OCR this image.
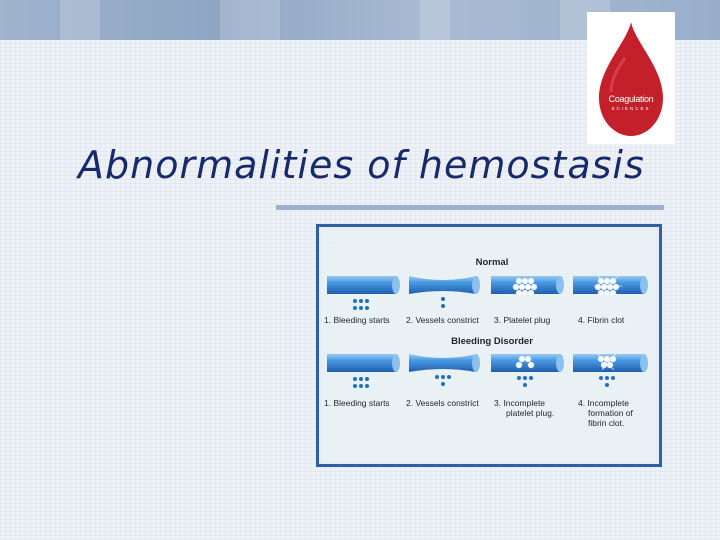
Coagulation
SCIENCES
Abnormalities of hemostasis
—
Normal
Bleeding Disorder
1. Bleeding starts 2. Vessels constrict 3. Platelet plug	4. Fibrin clot
1. Bleeding starts 2. Vessels constrict 3. Incomplete
platelet plug.
4. Incomplete
formation of
fibrin clot.
